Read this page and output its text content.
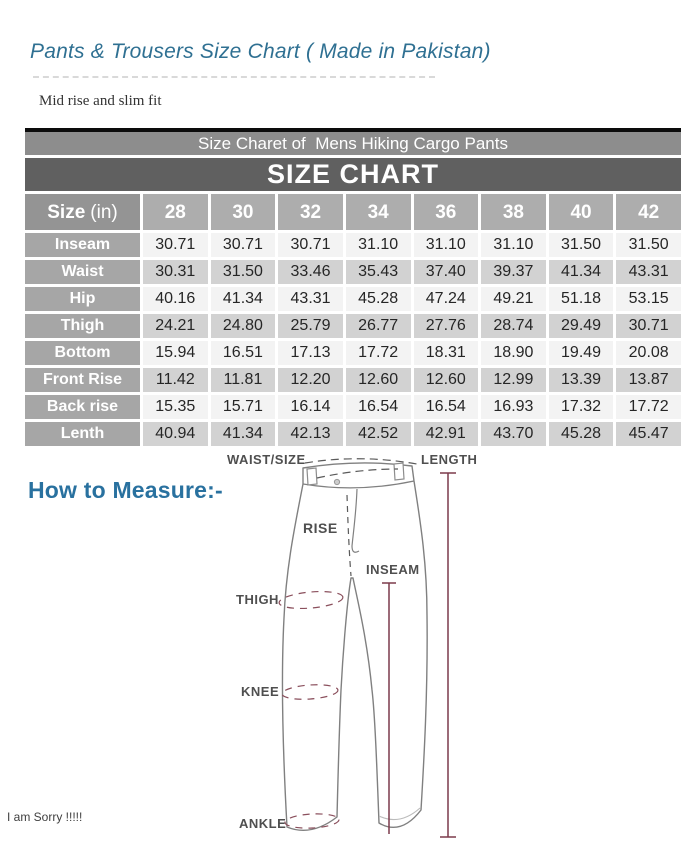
Pants & Trousers Size Chart ( Made in Pakistan)
Mid rise and slim fit
Size Charet of  Mens Hiking Cargo Pants
SIZE CHART
Size (in)	28	30	32	34	36	38	40	42
Inseam	30.71	30.71	30.71	31.10	31.10	31.10	31.50	31.50
Waist	30.31	31.50	33.46	35.43	37.40	39.37	41.34	43.31
Hip	40.16	41.34	43.31	45.28	47.24	49.21	51.18	53.15
Thigh	24.21	24.80	25.79	26.77	27.76	28.74	29.49	30.71
Bottom	15.94	16.51	17.13	17.72	18.31	18.90	19.49	20.08
Front Rise	11.42	11.81	12.20	12.60	12.60	12.99	13.39	13.87
Back rise	15.35	15.71	16.14	16.54	16.54	16.93	17.32	17.72
Lenth	40.94	41.34	42.13	42.52	42.91	43.70	45.28	45.47
How to Measure:-
WAIST/SIZE	LENGTH
RISE
INSEAM
THIGH
KNEE
ANKLE
I am Sorry !!!!!
